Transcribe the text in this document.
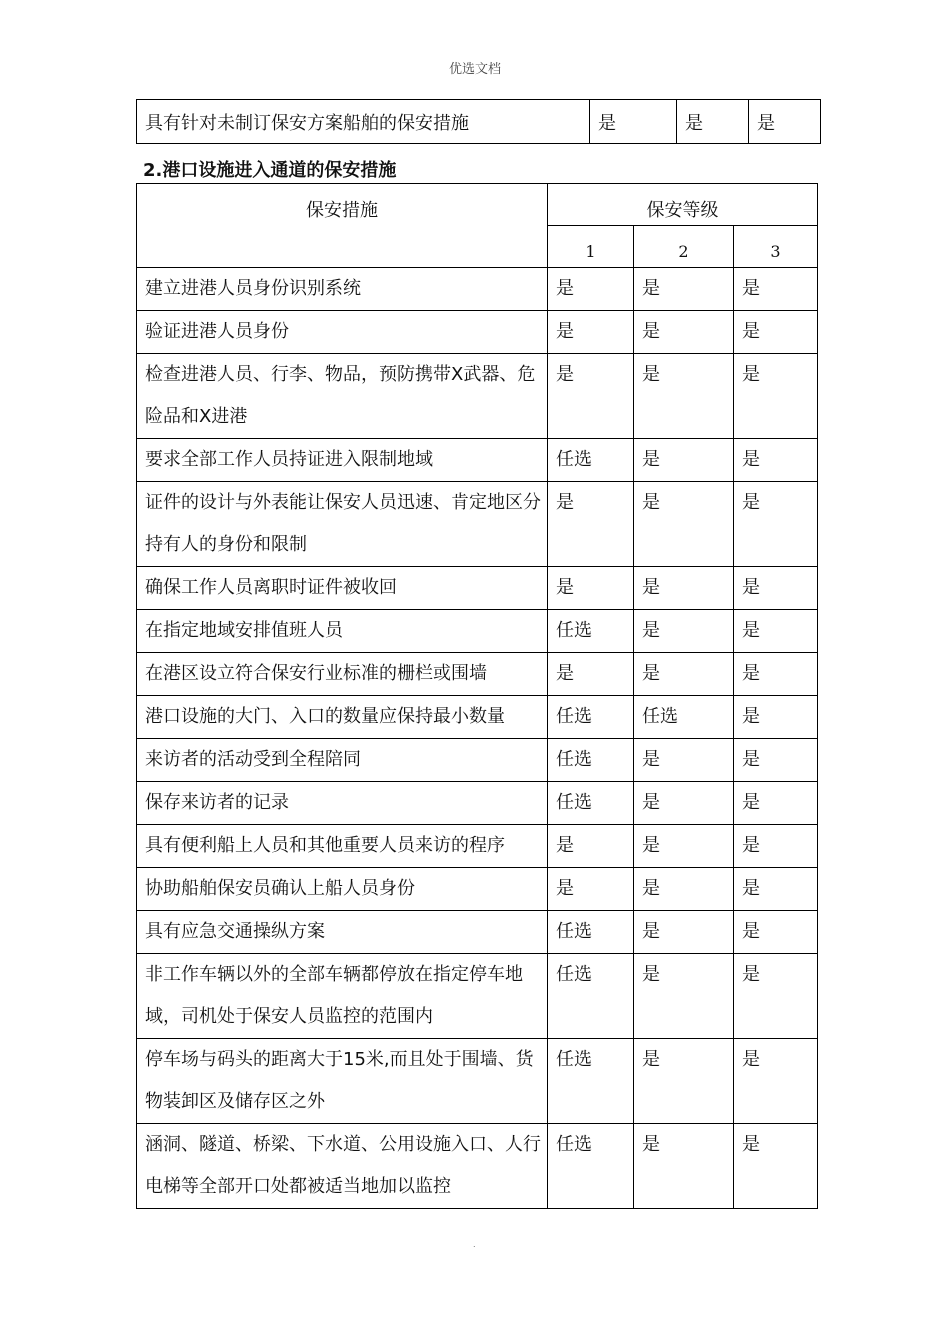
优选文档
具有针对未制订保安方案船舶的保安措施	是	是	是
2.港口设施进入通道的保安措施
保安措施	保安等级		
	1	2	3
建立进港人员身份识别系统	是	是	是
验证进港人员身份	是	是	是
检查进港人员、行李、物品，预防携带X武器、危险品和X进港	是	是	是
要求全部工作人员持证进入限制地域	任选	是	是
证件的设计与外表能让保安人员迅速、肯定地区分持有人的身份和限制	是	是	是
确保工作人员离职时证件被收回	是	是	是
在指定地域安排值班人员	任选	是	是
在港区设立符合保安行业标准的栅栏或围墙	是	是	是
港口设施的大门、入口的数量应保持最小数量	任选	任选	是
来访者的活动受到全程陪同	任选	是	是
保存来访者的记录	任选	是	是
具有便利船上人员和其他重要人员来访的程序	是	是	是
协助船舶保安员确认上船人员身份	是	是	是
具有应急交通操纵方案	任选	是	是
非工作车辆以外的全部车辆都停放在指定停车地域，司机处于保安人员监控的范围内	任选	是	是
停车场与码头的距离大于15米,而且处于围墙、货物装卸区及储存区之外	任选	是	是
涵洞、隧道、桥梁、下水道、公用设施入口、人行电梯等全部开口处都被适当地加以监控	任选	是	是
.
